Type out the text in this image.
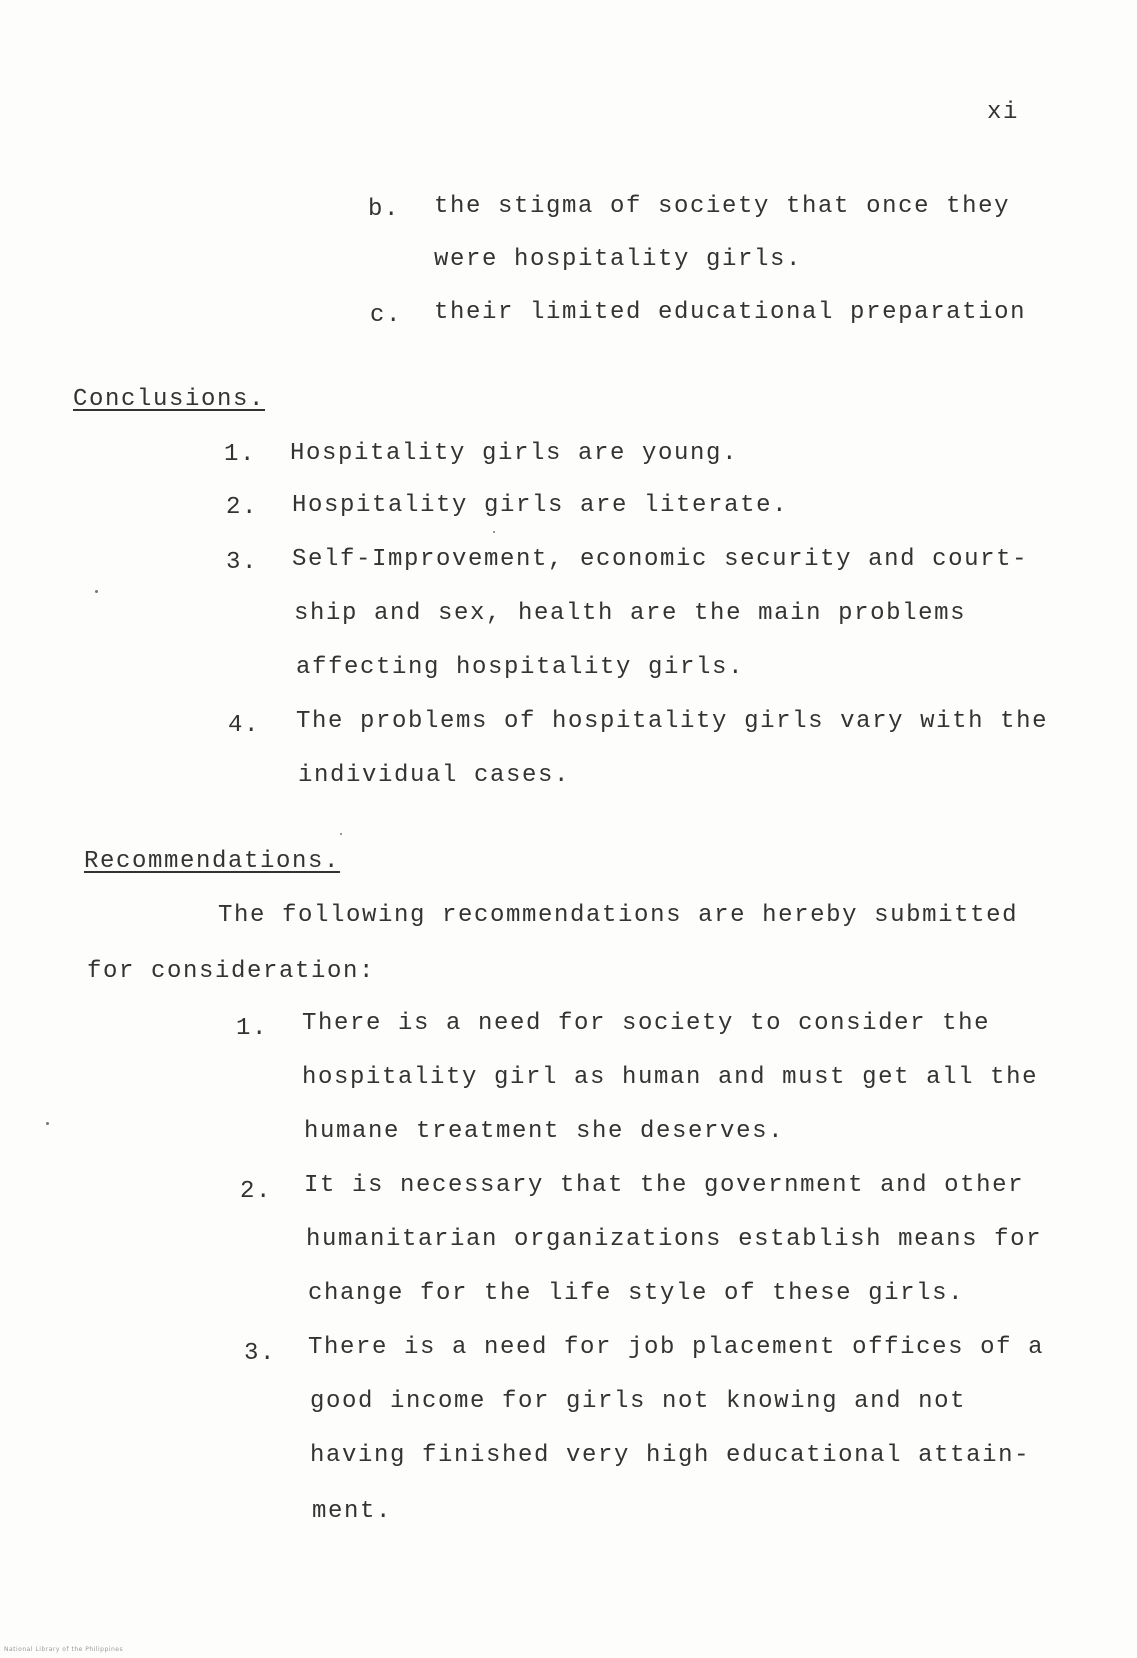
xi
b. the stigma of society that once they
were hospitality girls.
c. their limited educational preparation
Conclusions.
1. Hospitality girls are young.
2. Hospitality girls are literate.
3. Self-Improvement, economic security and court-
ship and sex, health are the main problems
affecting hospitality girls.
4. The problems of hospitality girls vary with the
individual cases.
Recommendations.
The following recommendations are hereby submitted
for consideration:
1. There is a need for society to consider the
hospitality girl as human and must get all the
humane treatment she deserves.
2. It is necessary that the government and other
humanitarian organizations establish means for
change for the life style of these girls.
3. There is a need for job placement offices of a
good income for girls not knowing and not
having finished very high educational attain-
ment.
National Library of the Philippines
